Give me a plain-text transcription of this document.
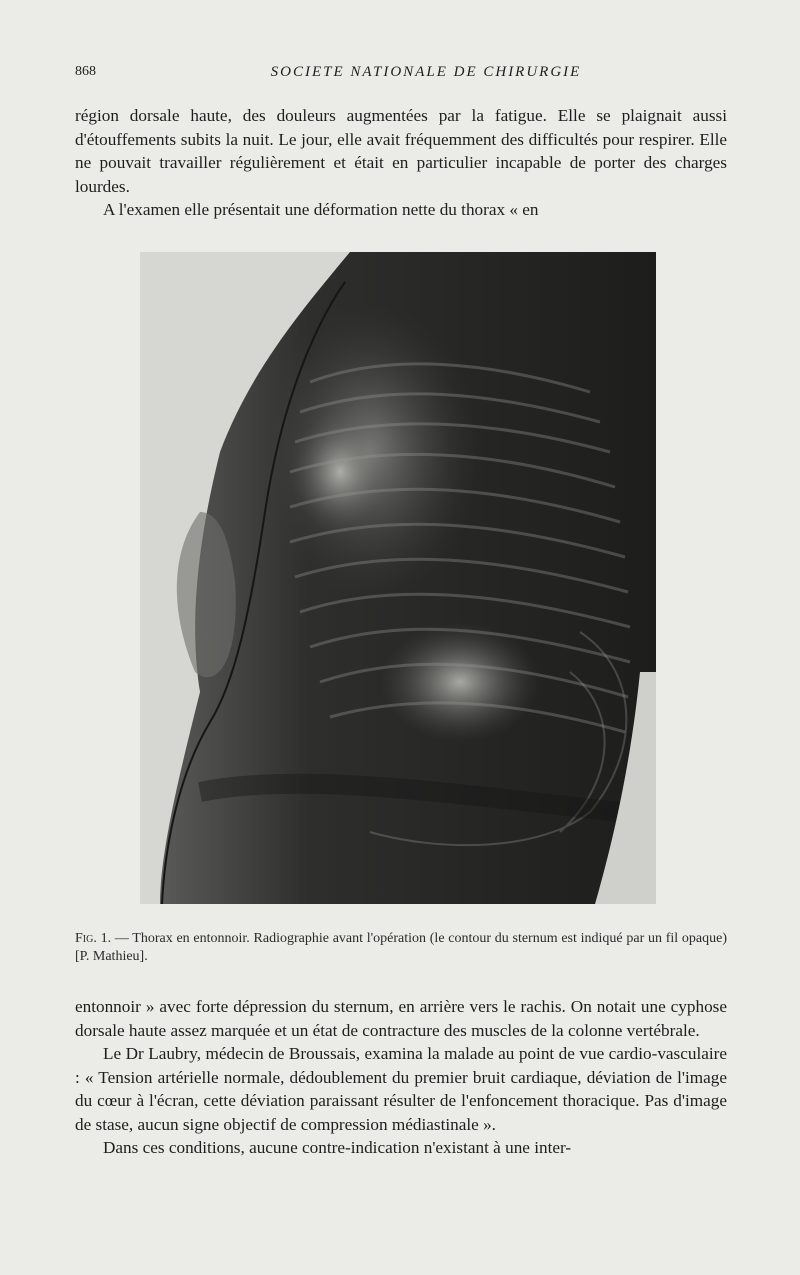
868	SOCIETE NATIONALE DE CHIRURGIE

région dorsale haute, des douleurs augmentées par la fatigue. Elle se plaignait aussi d'étouffements subits la nuit. Le jour, elle avait fréquemment des difficultés pour respirer. Elle ne pouvait travailler régulièrement et était en particulier incapable de porter des charges lourdes.

A l'examen elle présentait une déformation nette du thorax « en

Fig. 1. — Thorax en entonnoir. Radiographie avant l'opération (le contour du sternum est indiqué par un fil opaque) [P. Mathieu].

entonnoir » avec forte dépression du sternum, en arrière vers le rachis. On notait une cyphose dorsale haute assez marquée et un état de contracture des muscles de la colonne vertébrale.

Le Dr Laubry, médecin de Broussais, examina la malade au point de vue cardio-vasculaire : « Tension artérielle normale, dédoublement du premier bruit cardiaque, déviation de l'image du cœur à l'écran, cette déviation paraissant résulter de l'enfoncement thoracique. Pas d'image de stase, aucun signe objectif de compression médiastinale ».

Dans ces conditions, aucune contre-indication n'existant à une inter-
